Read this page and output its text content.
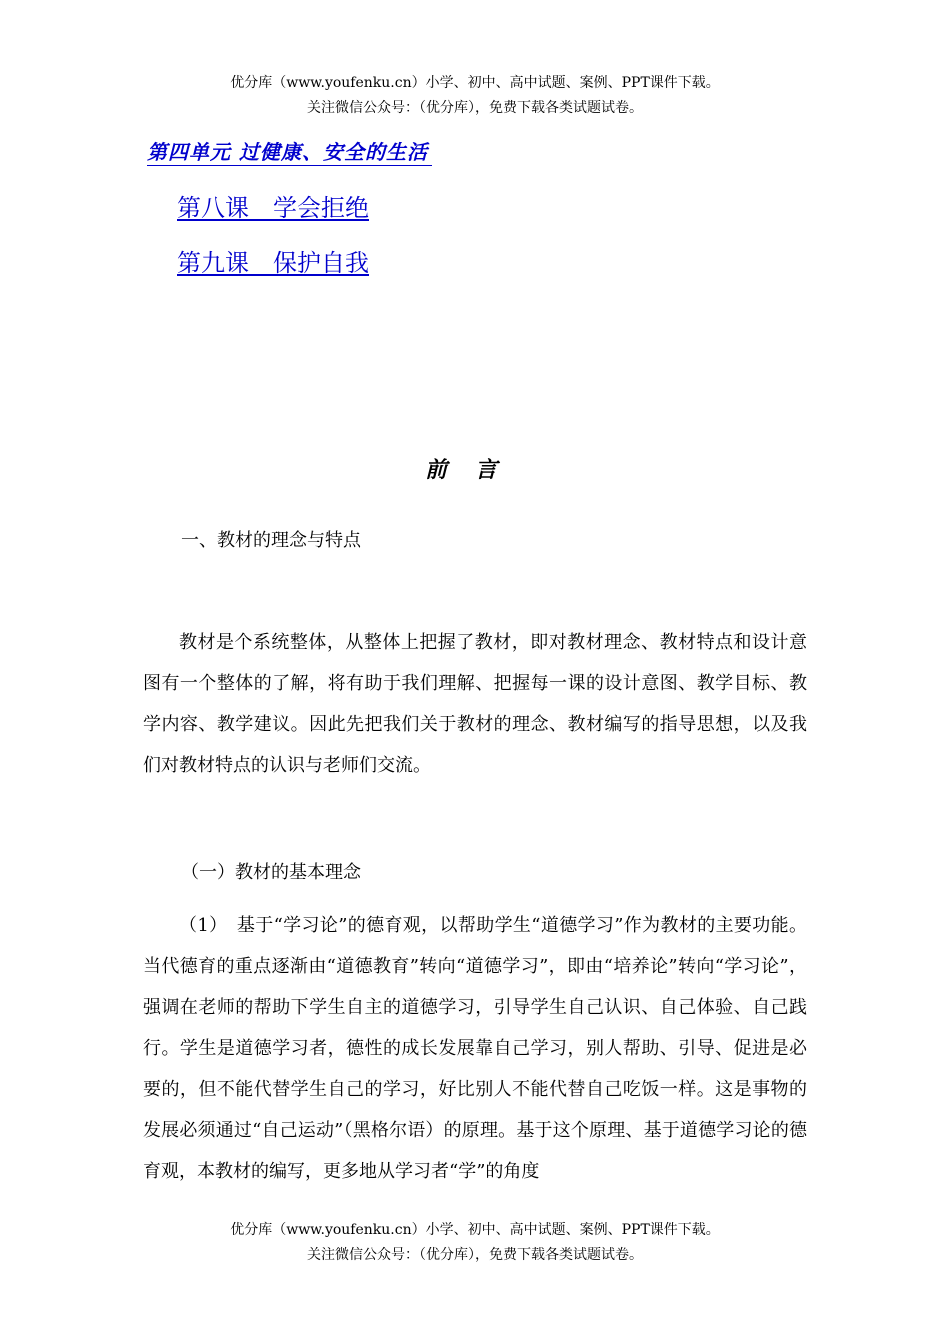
优分库（www.youfenku.cn）小学、初中、高中试题、案例、PPT课件下载。
关注微信公众号：（优分库），免费下载各类试题试卷。
第四单元 过健康、安全的生活
第八课　学会拒绝
第九课　保护自我
前言
一、教材的理念与特点
教材是个系统整体，从整体上把握了教材，即对教材理念、教材特点和设计意图有一个整体的了解，将有助于我们理解、把握每一课的设计意图、教学目标、教学内容、教学建议。因此先把我们关于教材的理念、教材编写的指导思想，以及我们对教材特点的认识与老师们交流。
（一）教材的基本理念
（1）　基于“学习论”的德育观，以帮助学生“道德学习”作为教材的主要功能。当代德育的重点逐渐由“道德教育”转向“道德学习”，即由“培养论”转向“学习论”，强调在老师的帮助下学生自主的道德学习，引导学生自己认识、自己体验、自己践行。学生是道德学习者，德性的成长发展靠自己学习，别人帮助、引导、促进是必要的，但不能代替学生自己的学习，好比别人不能代替自己吃饭一样。这是事物的发展必须通过“自己运动”（黑格尔语）的原理。基于这个原理、基于道德学习论的德育观，本教材的编写，更多地从学习者“学”的角度
优分库（www.youfenku.cn）小学、初中、高中试题、案例、PPT课件下载。
关注微信公众号：（优分库），免费下载各类试题试卷。
